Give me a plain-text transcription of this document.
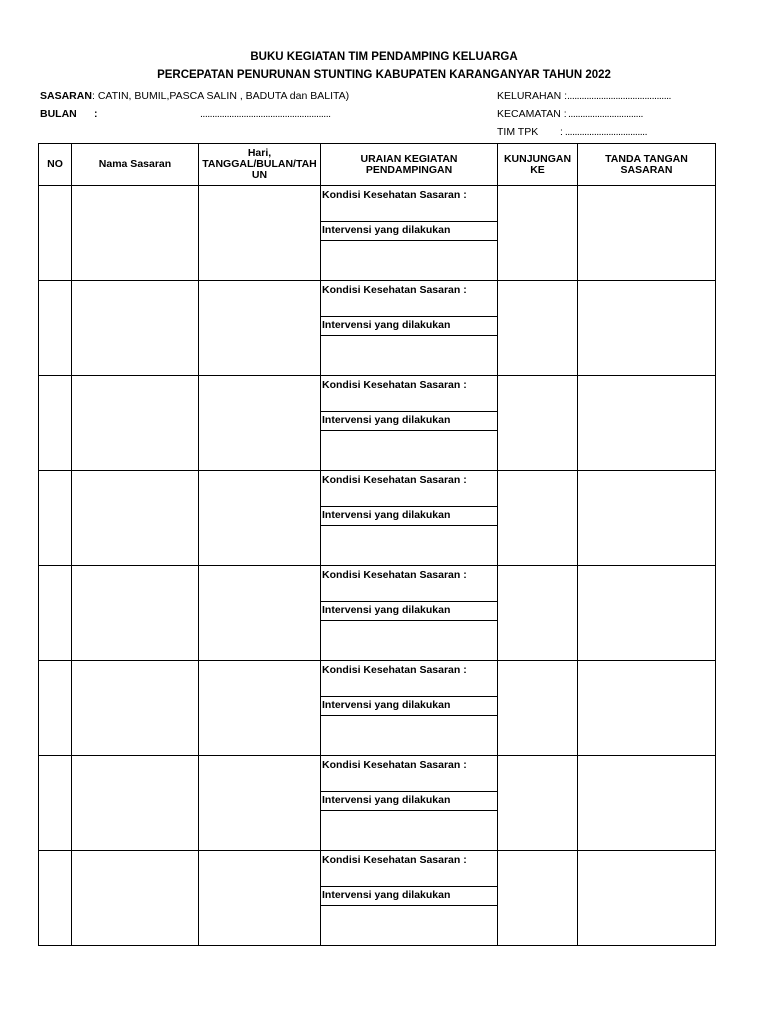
BUKU KEGIATAN TIM PENDAMPING KELUARGA
PERCEPATAN PENURUNAN STUNTING KABUPATEN KARANGANYAR TAHUN 2022
SASARAN : CATIN, BUMIL,PASCA SALIN , BADUTA dan BALITA)
BULAN :	......................................................
KELURAHAN : ...........................................
KECAMATAN : ...............................
TIM TPK : ..................................
NO	Nama Sasaran	Hari, TANGGAL/BULAN/TAH UN	URAIAN KEGIATAN PENDAMPINGAN	KUNJUNGAN KE	TANDA TANGAN SASARAN

			Kondisi Kesehatan Sasaran :
Intervensi yang dilakukan		

			Kondisi Kesehatan Sasaran :
Intervensi yang dilakukan		

			Kondisi Kesehatan Sasaran :
Intervensi yang dilakukan		

			Kondisi Kesehatan Sasaran :
Intervensi yang dilakukan		

			Kondisi Kesehatan Sasaran :
Intervensi yang dilakukan		

			Kondisi Kesehatan Sasaran :
Intervensi yang dilakukan		

			Kondisi Kesehatan Sasaran :
Intervensi yang dilakukan		

			Kondisi Kesehatan Sasaran :
Intervensi yang dilakukan		
